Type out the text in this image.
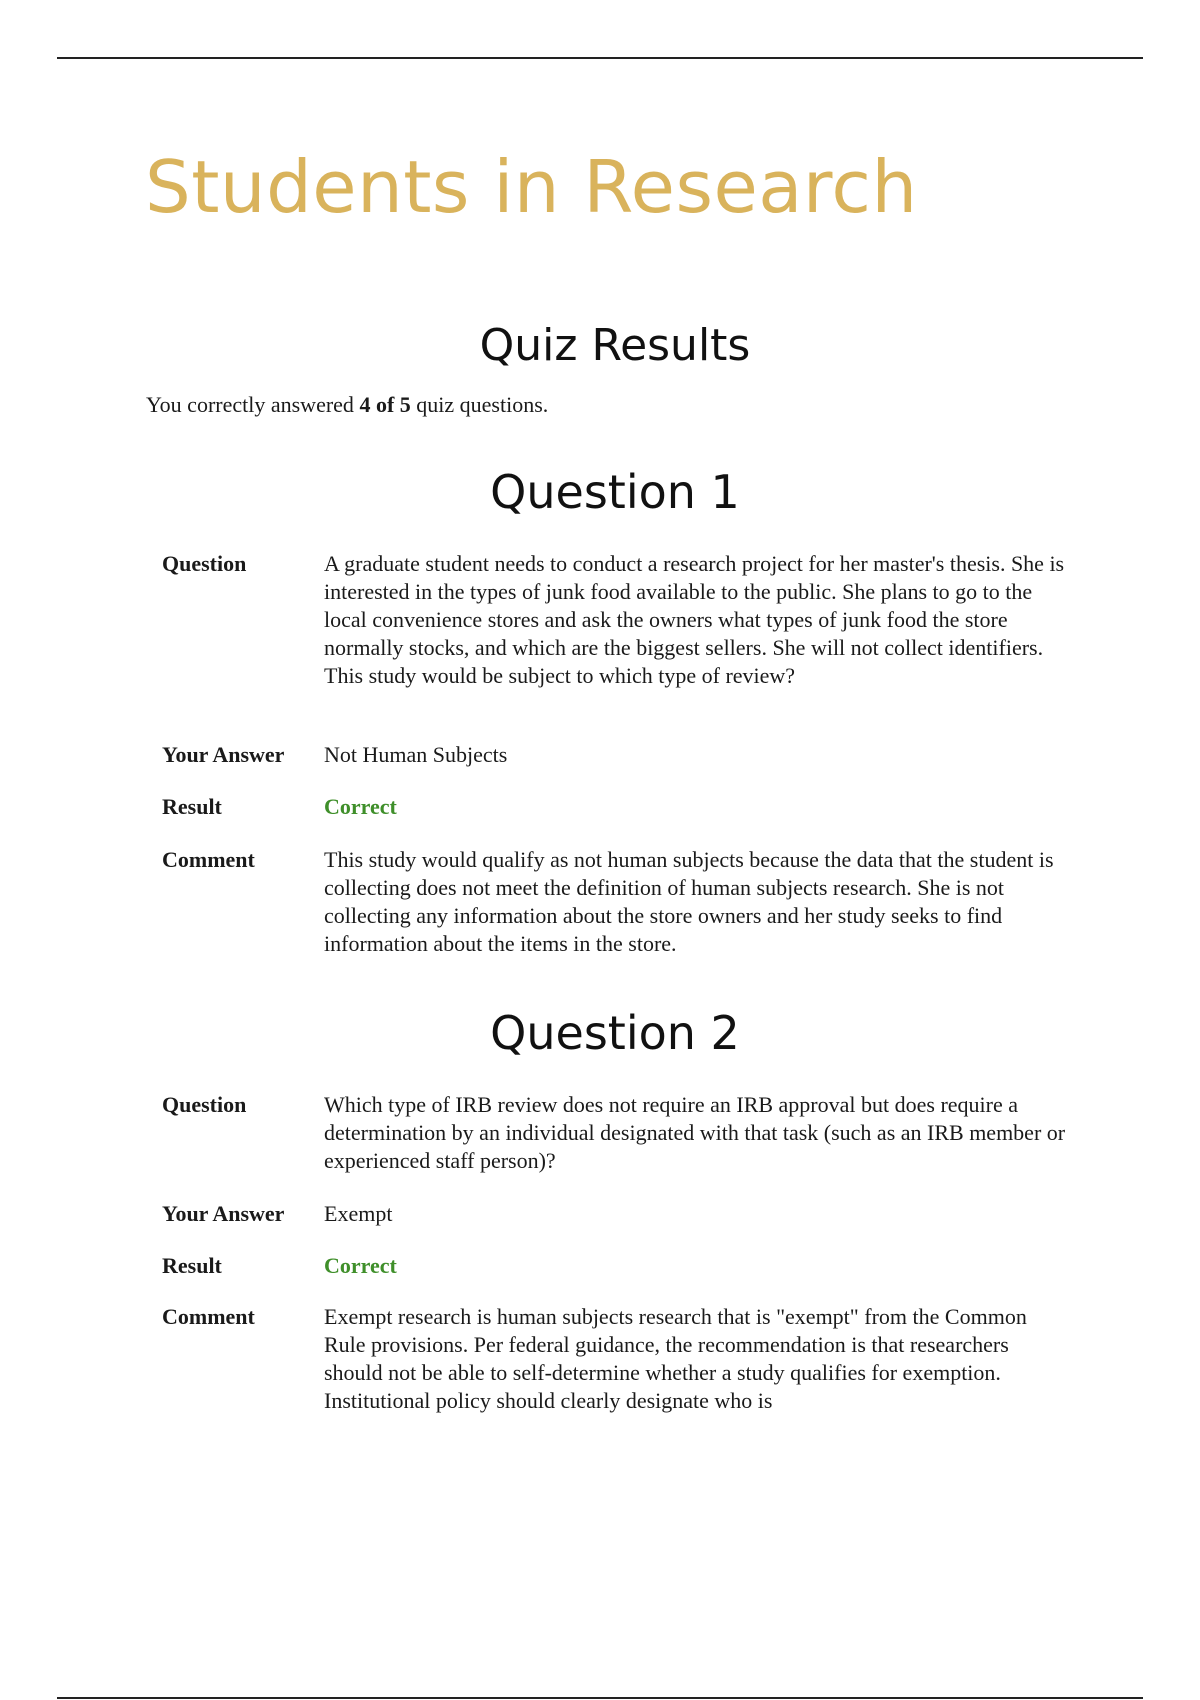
Students in Research
Quiz Results

You correctly answered 4 of 5 quiz questions.

Question 1
Question	A graduate student needs to conduct a research project for her master's thesis. She is interested in the types of junk food available to the public. She plans to go to the local convenience stores and ask the owners what types of junk food the store normally stocks, and which are the biggest sellers. She will not collect identifiers. This study would be subject to which type of review?
Your Answer	Not Human Subjects
Result	Correct
Comment	This study would qualify as not human subjects because the data that the student is collecting does not meet the definition of human subjects research. She is not collecting any information about the store owners and her study seeks to find information about the items in the store.
Question 2
Question	Which type of IRB review does not require an IRB approval but does require a determination by an individual designated with that task (such as an IRB member or experienced staff person)?
Your Answer	Exempt
Result	Correct
Comment	Exempt research is human subjects research that is "exempt" from the Common Rule provisions. Per federal guidance, the recommendation is that researchers should not be able to self-determine whether a study qualifies for exemption. Institutional policy should clearly designate who is
